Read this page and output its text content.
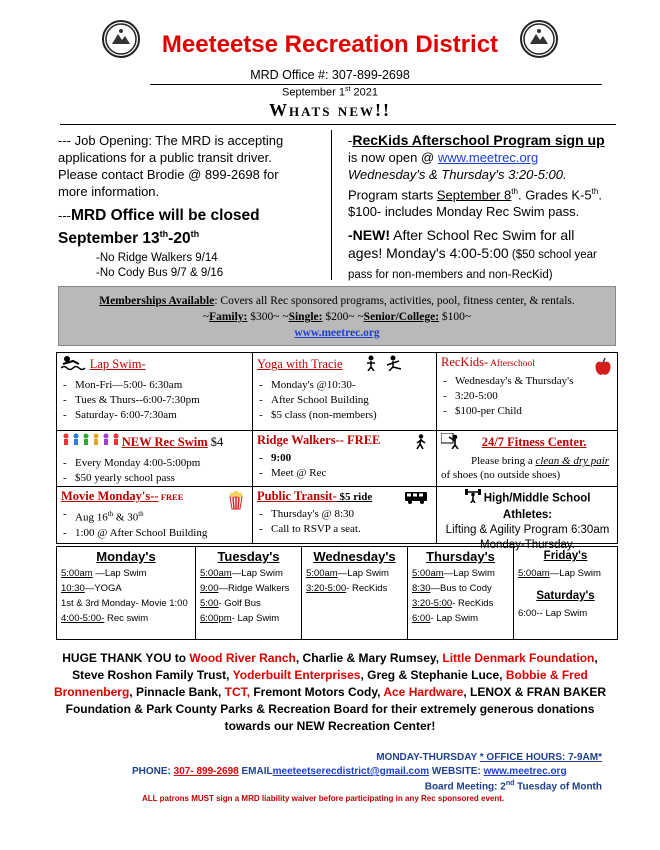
Meeteetse Recreation District
MRD Office #: 307-899-2698
September 1st 2021
Whats new!!

--- Job Opening: The MRD is accepting applications for a public transit driver. Please contact Brodie @ 899-2698 for more information.

---MRD Office will be closed
September 13th-20th
-No Ridge Walkers 9/14
-No Cody Bus 9/7 & 9/16

-RecKids Afterschool Program sign up
is now open @ www.meetrec.org
Wednesday's & Thursday's 3:20-5:00.
Program starts September 8th. Grades K-5th. $100- includes Monday Rec Swim pass.

-NEW! After School Rec Swim for all ages! Monday's 4:00-5:00 ($50 school year pass for non-members and non-RecKid)

Memberships Available: Covers all Rec sponsored programs, activities, pool, fitness center, & rentals.
~Family: $300~ ~Single: $200~ ~Senior/College: $100~
www.meetrec.org
Lap Swim-
- Mon-Fri—5:00- 6:30am
- Tues & Thurs--6:00-7:30pm
- Saturday- 6:00-7:30am
Yoga with Tracie
- Monday's @10:30-
- After School Building
- $5 class (non-members)
RecKids- Afterschool
- Wednesday's & Thursday's
- 3:20-5:00
- $100-per Child
NEW Rec Swim $4
- Every Monday 4:00-5:00pm
- $50 yearly school pass
Ridge Walkers-- FREE
- 9:00
- Meet @ Rec
24/7 Fitness Center.
Please bring a clean & dry pair
of shoes (no outside shoes)
Movie Monday's-- FREE
- Aug 16th & 30th
- 1:00 @ After School Building
Public Transit- $5 ride
- Thursday's @ 8:30
- Call to RSVP a seat.
High/Middle School Athletes:
Lifting & Agility Program 6:30am
Monday-Thursday.
Monday's
5:00am —Lap Swim
10:30—YOGA
1st & 3rd Monday- Movie 1:00
4:00-5:00- Rec swim
Tuesday's
5:00am—Lap Swim
9:00—Ridge Walkers
5:00- Golf Bus
6:00pm- Lap Swim
Wednesday's
5:00am—Lap Swim
3:20-5:00- RecKids
Thursday's
5:00am—Lap Swim
8:30—Bus to Cody
3:20-5:00- RecKids
6:00- Lap Swim
Friday's
5:00am—Lap Swim
Saturday's
6:00-- Lap Swim
HUGE THANK YOU to Wood River Ranch, Charlie & Mary Rumsey, Little Denmark Foundation, Steve Roshon Family Trust, Yoderbuilt Enterprises, Greg & Stephanie Luce, Bobbie & Fred Bronnenberg, Pinnacle Bank, TCT, Fremont Motors Cody, Ace Hardware, LENOX & FRAN BAKER Foundation & Park County Parks & Recreation Board for their extremely generous donations towards our NEW Recreation Center!
MONDAY-THURSDAY * OFFICE HOURS: 7-9AM*
PHONE: 307- 899-2698 EMAILmeeteetserecdistrict@gmail.com WEBSITE: www.meetrec.org
Board Meeting: 2nd Tuesday of Month
ALL patrons MUST sign a MRD liability waiver before participating in any Rec sponsored event.
